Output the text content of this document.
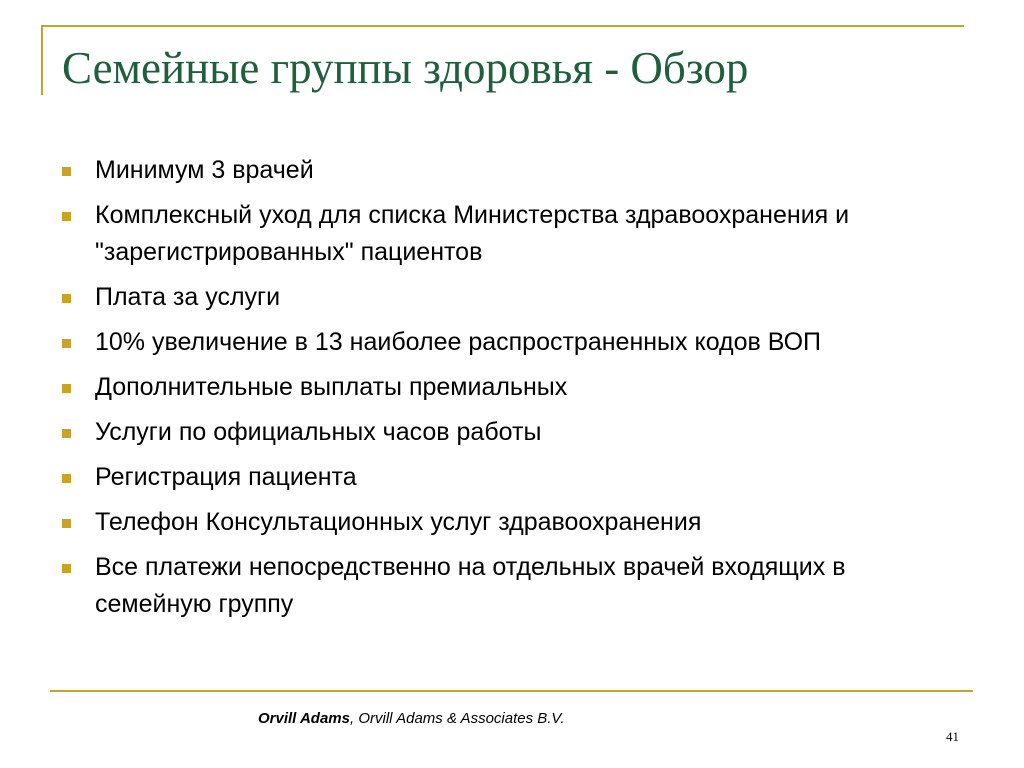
Семейные группы здоровья - Обзор
Минимум 3 врачей
Комплексный уход для списка Министерства здравоохранения и "зарегистрированных" пациентов
Плата за услуги
10% увеличение в 13 наиболее распространенных кодов ВОП
Дополнительные выплаты премиальных
Услуги по официальных часов работы
Регистрация пациента
Телефон Консультационных услуг здравоохранения
Все платежи непосредственно на отдельных врачей входящих в семейную группу
Orvill Adams, Orvill Adams & Associates B.V.
41
